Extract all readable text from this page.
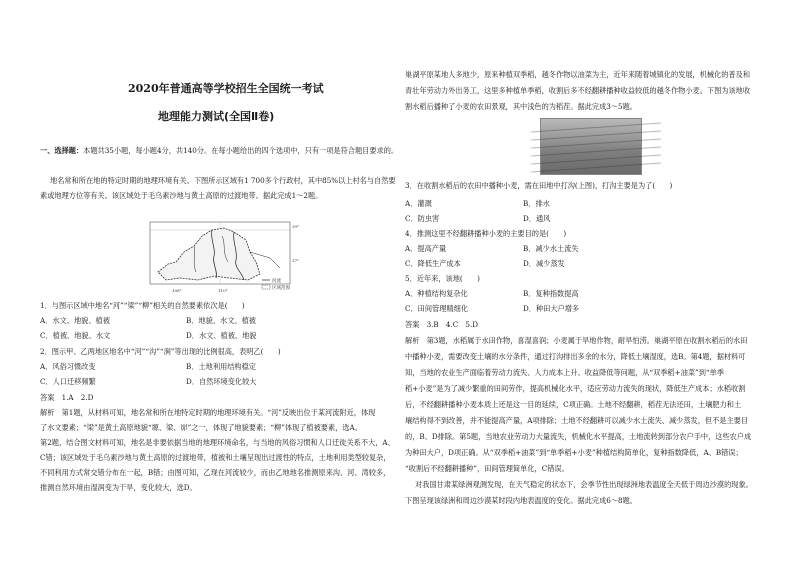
2020年普通高等学校招生全国统一考试
地理能力测试(全国Ⅱ卷)
一、选择题：本题共35小题，每小题4分，共140分。在每小题给出的四个选项中，只有一项是符合题目要求的。
地名常和所在地的特定时期的地理环境有关。下图所示区域有1 700多个行政村，其中85%以上村名与自然要
素或地理方位等有关。该区域处于毛乌素沙地与黄土高原的过渡地带。据此完成1～2题。
39°
37°
108°	110°
河流
区域范围
1．与图示区域中地名“河”“梁”“柳”相关的自然要素依次是(　　)
A．水文、地貌、植被	B．地貌、水文、植被
C．植被、地貌、水文	D．水文、植被、地貌
2．图示甲、乙两地区地名中“河”“沟”“涧”等出现的比例很高，表明乙(　　)
A．风俗习惯改变	B．土地利用结构稳定
C．人口迁移频繁	D．自然环境变化较大
答案　1.A　2.D
解析　第1题，从材料可知，地名常和所在地特定时期的地理环境有关。“河”反映出位于某河流附近，体现
了水文要素；“梁”是黄土高原地貌“塬、梁、峁”之一，体现了地貌要素；“柳”体现了植被要素，选A。
第2题，结合图文材料可知，地名是非要依据当地的地理环境命名，与当地的风俗习惯和人口迁徙关系不大，A、
C错；该区域处于毛乌素沙地与黄土高原的过渡地带，植被和土壤呈现出过渡性的特点，土地利用类型较复杂，
不同利用方式常交错分布在一起，B错；由图可知，乙现在河流较少，而由乙地地名推测原来沟、河、湾较多，
推测自然环境由湿润变为干旱，变化较大，选D。
巢湖平原某地人多地少，原来种植双季稻，越冬作物以油菜为主，近年来随着城镇化的发展，机械化的普及和
青壮年劳动力外出务工，这里多种植单季稻，收割后多不经翻耕播种收益较低的越冬作物小麦。下图为该地收
割水稻后播种了小麦的农田景观，其中浅色的为稻茬。据此完成3～5题。
3．在收割水稻后的农田中播种小麦，需在田地中打沟(上图)，打沟主要是为了(　　)
A．灌溉	B．排水
C．防虫害	D．通风
4．推测这里不经翻耕播种小麦的主要目的是(　　)
A．提高产量	B．减少水土流失
C．降低生产成本	D．减少蒸发
5．近年来，该地(　　)
A．种植结构复杂化	B．复种指数提高
C．田间管理精细化	D．种田大户增多
答案　3.B　4.C　5.D
解析　第3题，水稻属于水田作物，喜湿喜润；小麦属于旱地作物，耐旱怕涝。巢湖平原在收割水稻后的水田
中播种小麦，需要改变土壤的水分条件，通过打沟排出多余的水分，降低土壤湿度，选B。第4题，据材料可
知，当地的农业生产面临着劳动力流失、人力成本上升、收益降低等问题，从“双季稻+油菜”到“单季
稻+小麦”是为了减少繁重的田间劳作，提高机械化水平，适应劳动力流失的现状，降低生产成本；水稻收割
后，不经翻耕播种小麦本质上还是这一目的延续，C项正确。土地不经翻耕，稻茬无法还田，土壤肥力和土
壤结构得不到改善，并不能提高产量，A项排除；土地不经翻耕可以减少水土流失、减少蒸发，但不是主要目
的，B、D排除。第5题，当地农业劳动力大量流失，机械化水平提高，土地流转到部分农户手中，这些农户成
为种田大户，D项正确。从“双季稻+油菜”到“单季稻+小麦”种植结构简单化，复种指数降低，A、B错误；
“收割后不经翻耕播种”，田间管理简单化，C错误。
对我国甘肃某绿洲观测发现，在天气稳定的状态下，会季节性出现绿洲地表温度全天低于周边沙漠的现象。
下图呈现该绿洲和周边沙漠某时段内地表温度的变化。据此完成6～8题。
